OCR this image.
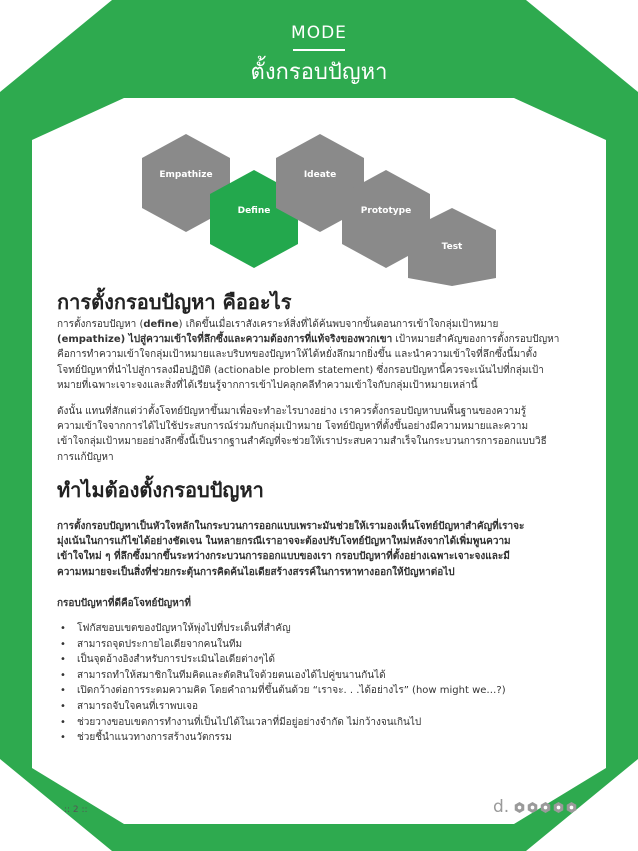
MODE
ตั้งกรอบปัญหา
Empathize
Define
Ideate
Prototype
Test
การตั้งกรอบปัญหา คืออะไร

การตั้งกรอบปัญหา (define) เกิดขึ้นเมื่อเราสังเคราะห์สิ่งที่ได้ค้นพบจากขั้นตอนการเข้าใจกลุ่มเป้าหมาย

(empathize) ไปสู่ความเข้าใจที่ลึกซึ้งและความต้องการที่แท้จริงของพวกเขา เป้าหมายสำคัญของการตั้งกรอบปัญหา

คือการทำความเข้าใจกลุ่มเป้าหมายและบริบทของปัญหาให้ได้หยั่งลึกมากยิ่งขึ้น และนำความเข้าใจที่ลึกซึ้งนี้มาตั้ง

โจทย์ปัญหาที่นำไปสู่การลงมือปฏิบัติ (actionable problem statement) ซึ่งกรอบปัญหานี้ควรจะเน้นไปที่กลุ่มเป้า

หมายที่เฉพาะเจาะจงและสิ่งที่ได้เรียนรู้จากการเข้าไปคลุกคลีทำความเข้าใจกับกลุ่มเป้าหมายเหล่านี้

ดังนั้น แทนที่สักแต่ว่าตั้งโจทย์ปัญหาขึ้นมาเพื่อจะทำอะไรบางอย่าง เราควรตั้งกรอบปัญหาบนพื้นฐานของความรู้

ความเข้าใจจากการได้ไปใช้ประสบการณ์ร่วมกับกลุ่มเป้าหมาย โจทย์ปัญหาที่ตั้งขึ้นอย่างมีความหมายและความ

เข้าใจกลุ่มเป้าหมายอย่างลึกซึ้งนี้เป็นรากฐานสำคัญที่จะช่วยให้เราประสบความสำเร็จในกระบวนการการออกแบบวิธี

การแก้ปัญหา

ทำไมต้องตั้งกรอบปัญหา

การตั้งกรอบปัญหาเป็นหัวใจหลักในกระบวนการออกแบบเพราะมันช่วยให้เรามองเห็นโจทย์ปัญหาสำคัญที่เราจะ

มุ่งเน้นในการแก้ไขได้อย่างชัดเจน ในหลายกรณีเราอาจจะต้องปรับโจทย์ปัญหาใหม่หลังจากได้เพิ่มพูนความ

เข้าใจใหม่ ๆ ที่ลึกซึ้งมากขึ้นระหว่างกระบวนการออกแบบของเรา กรอบปัญหาที่ตั้งอย่างเฉพาะเจาะจงและมี

ความหมายจะเป็นสิ่งที่ช่วยกระตุ้นการคิดค้นไอเดียสร้างสรรค์ในการหาทางออกให้ปัญหาต่อไป

กรอบปัญหาที่ดีคือโจทย์ปัญหาที่

• โฟกัสขอบเขตของปัญหาให้พุ่งไปที่ประเด็นที่สำคัญ
• สามารถจุดประกายไอเดียจากคนในทีม
• เป็นจุดอ้างอิงสำหรับการประเมินไอเดียต่างๆได้
• สามารถทำให้สมาชิกในทีมคิดและตัดสินใจด้วยตนเองได้ไปคู่ขนานกันได้
• เปิดกว้างต่อการระดมความคิด โดยคำถามที่ขึ้นต้นด้วย “เราจะ. . .ได้อย่างไร” (how might we…?)
• สามารถจับใจคนที่เราพบเจอ
• ช่วยวางขอบเขตการทำงานที่เป็นไปได้ในเวลาที่มีอยู่อย่างจำกัด ไม่กว้างจนเกินไป
• ช่วยชี้นำแนวทางการสร้างนวัตกรรม
:: 2 ::	d.
